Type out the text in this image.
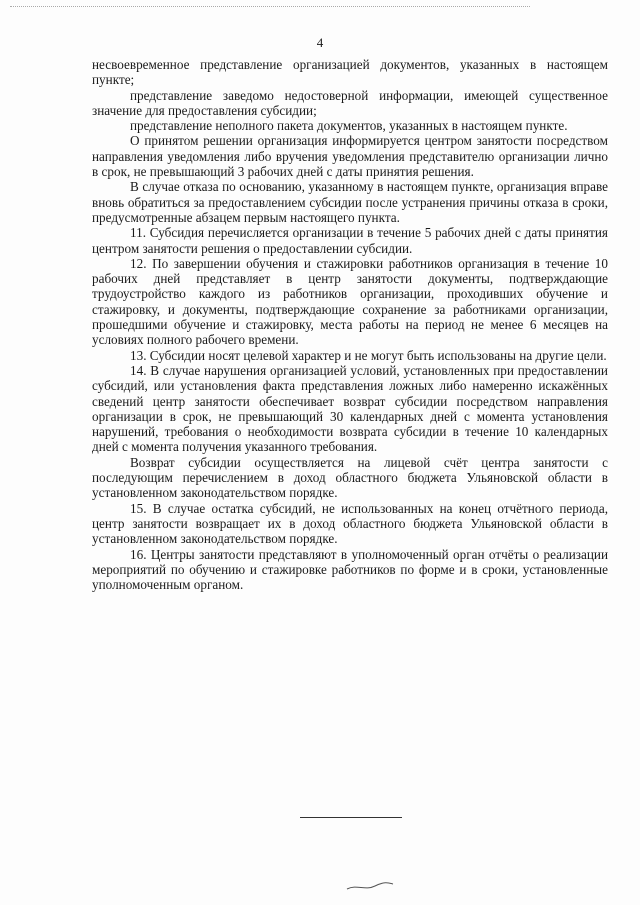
4

несвоевременное представление организацией документов, указанных в настоящем пункте;

представление заведомо недостоверной информации, имеющей существенное значение для предоставления субсидии;

представление неполного пакета документов, указанных в настоящем пункте.

О принятом решении организация информируется центром занятости посредством направления уведомления либо вручения уведомления представителю организации лично в срок, не превышающий 3 рабочих дней с даты принятия решения.

В случае отказа по основанию, указанному в настоящем пункте, организация вправе вновь обратиться за предоставлением субсидии после устранения причины отказа в сроки, предусмотренные абзацем первым настоящего пункта.

11. Субсидия перечисляется организации в течение 5 рабочих дней с даты принятия центром занятости решения о предоставлении субсидии.

12. По завершении обучения и стажировки работников организация в течение 10 рабочих дней представляет в центр занятости документы, подтверждающие трудоустройство каждого из работников организации, проходивших обучение и стажировку, и документы, подтверждающие сохранение за работниками организации, прошедшими обучение и стажировку, места работы на период не менее 6 месяцев на условиях полного рабочего времени.

13. Субсидии носят целевой характер и не могут быть использованы на другие цели.

14. В случае нарушения организацией условий, установленных при предоставлении субсидий, или установления факта представления ложных либо намеренно искажённых сведений центр занятости обеспечивает возврат субсидии посредством направления организации в срок, не превышающий 30 календарных дней с момента установления нарушений, требования о необходимости возврата субсидии в течение 10 календарных дней с момента получения указанного требования.

Возврат субсидии осуществляется на лицевой счёт центра занятости с последующим перечислением в доход областного бюджета Ульяновской области в установленном законодательством порядке.

15. В случае остатка субсидий, не использованных на конец отчётного периода, центр занятости возвращает их в доход областного бюджета Ульяновской области в установленном законодательством порядке.

16. Центры занятости представляют в уполномоченный орган отчёты о реализации мероприятий по обучению и стажировке работников по форме и в сроки, установленные уполномоченным органом.
